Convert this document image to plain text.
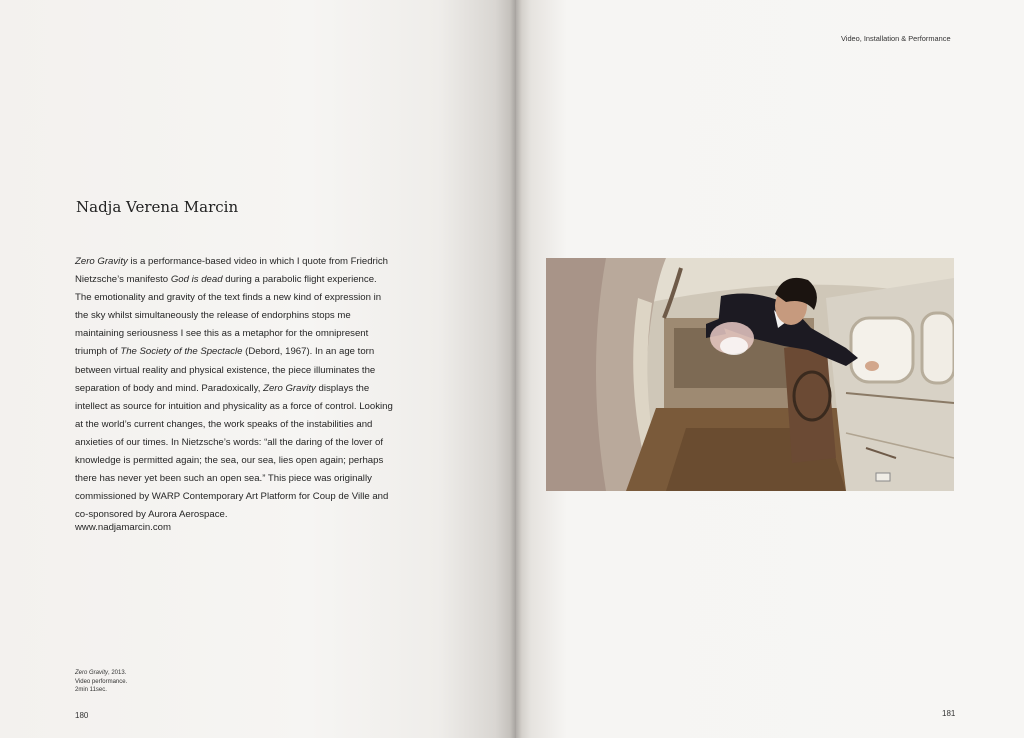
Nadja Verena Marcin

Zero Gravity is a performance-based video in which I quote from Friedrich Nietzsche’s manifesto God is dead during a parabolic flight experience. The emotionality and gravity of the text finds a new kind of expression in the sky whilst simultaneously the release of endorphins stops me maintaining seriousness I see this as a metaphor for the omnipresent triumph of The Society of the Spectacle (Debord, 1967). In an age torn between virtual reality and physical existence, the piece illuminates the separation of body and mind. Paradoxically, Zero Gravity displays the intellect as source for intuition and physicality as a force of control. Looking at the world’s current changes, the work speaks of the instabilities and anxieties of our times. In Nietzsche’s words: “all the daring of the lover of knowledge is permitted again; the sea, our sea, lies open again; perhaps there has never yet been such an open sea.” This piece was originally commissioned by WARP Contemporary Art Platform for Coup de Ville and co-sponsored by Aurora Aerospace.

www.nadjamarcin.com
Zero Gravity, 2013.
Video performance.
2min 11sec.
180
Video, Installation & Performance
181
